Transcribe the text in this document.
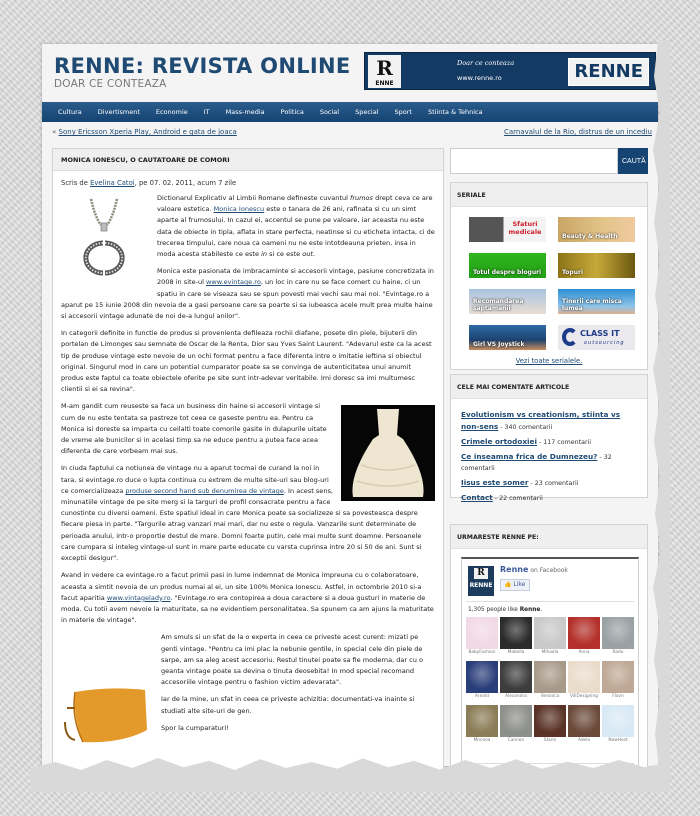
RENNE: REVISTA ONLINE
DOAR CE CONTEAZA
R
ENNE
Doar ce conteaza
www.renne.ro	RENNE
Cultura Divertisment Economie IT Mass-media Politica Social Special Sport Stiinta & Tehnica
« Sony Ericsson Xperia Play, Android e gata de joaca	Carnavalul de la Rio, distrus de un incediu
MONICA IONESCU, O CAUTATOARE DE COMORI
Scris de Evelina Catoi, pe 07. 02. 2011, acum 7 zile

Dictionarul Explicativ al Limbii Romane defineste cuvantul frumos drept ceva ce are valoare estetica. Monica Ionescu este o tanara de 26 ani, rafinata si cu un simt aparte al frumosului. In cazul ei, accentul se pune pe valoare, iar aceasta nu este data de obiecte in tipla, aflata in stare perfecta, neatinse si cu eticheta intacta, ci de trecerea timpului, care noua ca oameni nu ne este intotdeauna prieten, insa in moda acesta stabileste ce este in si ce este out.

Monica este pasionata de imbracaminte si accesorii vintage, pasiune concretizata in 2008 in site-ul www.evintage.ro, un loc in care nu se face comert cu haine, ci un spatiu in care se viseaza sau se spun povesti mai vechi sau mai noi. "Evintage.ro a aparut pe 15 iunie 2008 din nevoia de a gasi persoane care sa poarte si sa iubeasca acele mult prea multe haine si accesorii vintage adunate de noi de-a lungul anilor".

In categorii definite in functie de produs si provenienta defileaza rochii diafane, posete din piele, bijuterii din portelan de Limonges sau semnate de Oscar de la Renta, Dior sau Yves Saint Laurent. "Adevarul este ca la acest tip de produse vintage este nevoie de un ochi format pentru a face diferenta intre o imitatie ieftina si obiectul original. Singurul mod in care un potential cumparator poate sa se convinga de autenticitatea unui anumit produs este faptul ca toate obiectele oferite pe site sunt intr-adevar veritabile. Imi doresc sa imi multumesc clientii si ei sa revina".

M-am gandit cum reuseste sa faca un business din haine si accesorii vintage si cum de nu este tentata sa pastreze tot ceea ce gaseste pentru ea. Pentru ca Monica isi doreste sa imparta cu ceilalti toate comorile gasite in dulapurile uitate de vreme ale bunicilor si in acelasi timp sa ne educe pentru a putea face acea diferenta de care vorbeam mai sus.

In ciuda faptului ca notiunea de vintage nu a aparut tocmai de curand la noi in tara, si evintage.ro duce o lupta continua cu extrem de multe site-uri sau blog-uri ce comercializeaza produse second hand sub denumirea de vintage. In acest sens, minunatiile vintage de pe site merg si la targuri de profil consacrate pentru a face cunostinte cu diversi oameni. Este spatiul ideal in care Monica poate sa socializeze si sa povesteasca despre fiecare piesa in parte. "Targurile atrag vanzari mai mari, dar nu este o regula. Vanzarile sunt determinate de perioada anului, intr-o proportie destul de mare. Domni foarte putin, cele mai multe sunt doamne. Persoanele care cumpara si inteleg vintage-ul sunt in mare parte educate cu varsta cuprinsa intre 20 si 50 de ani. Sunt si exceptii desigur".

Avand in vedere ca evintage.ro a facut primii pasi in lume indemnat de Monica impreuna cu o colaboratoare, aceasta a simtit nevoia de un produs numai al ei, un site 100% Monica Ionescu. Astfel, in octombrie 2010 si-a facut aparitia www.vintagelady.ro. "Evintage.ro era contopirea a doua caractere si a doua gusturi in materie de moda. Cu totii avem nevoie la maturitate, sa ne evidentiem personalitatea. Sa spunem ca am ajuns la maturitate in materie de vintage".

Am smuls si un sfat de la o experta in ceea ce priveste acest curent: mizati pe genti vintage. "Pentru ca imi plac la nebunie gentile, in special cele din piele de sarpe, am sa aleg acest accesoriu. Restul tinutei poate sa fie moderna, dar cu o geanta vintage poate sa devina o tinuta deosebita! In mod special recomand accesoriile vintage pentru o fashion victim adevarata".

Iar de la mine, un sfat in ceea ce priveste achizitia: documentati-va inainte si studiati alte site-uri de gen.

Spor la cumparaturi!

CAUTĂ
SERIALE
Sfaturi medicale
Beauty & Health
Totul despre bloguri	Topuri
Recomandarea saptamanii
Tinerii care misca lumea
Girl VS Joystick	outsourcing
CLASS IT
Vezi toate serialele.
CELE MAI COMENTATE ARTICOLE
Evolutionism vs creationism, stiinta vs non-sens - 340 comentarii
Crimele ortodoxiei - 117 comentarii
Ce inseamna frica de Dumnezeu? - 32 comentarii
Iisus este somer - 23 comentarii
Contact - 22 comentarii
URMARESTE RENNE PE:
R
RENNE
Renne on Facebook
👍 Like
1,305 people like Renne.
BabyFashion	Mabella	Mihaela	Anna	Radu
Arnold	Alexandra	Veronica	VillDesigning	Flavn
Mirceea	Cannon	Sfarin	Adela	NewHost
